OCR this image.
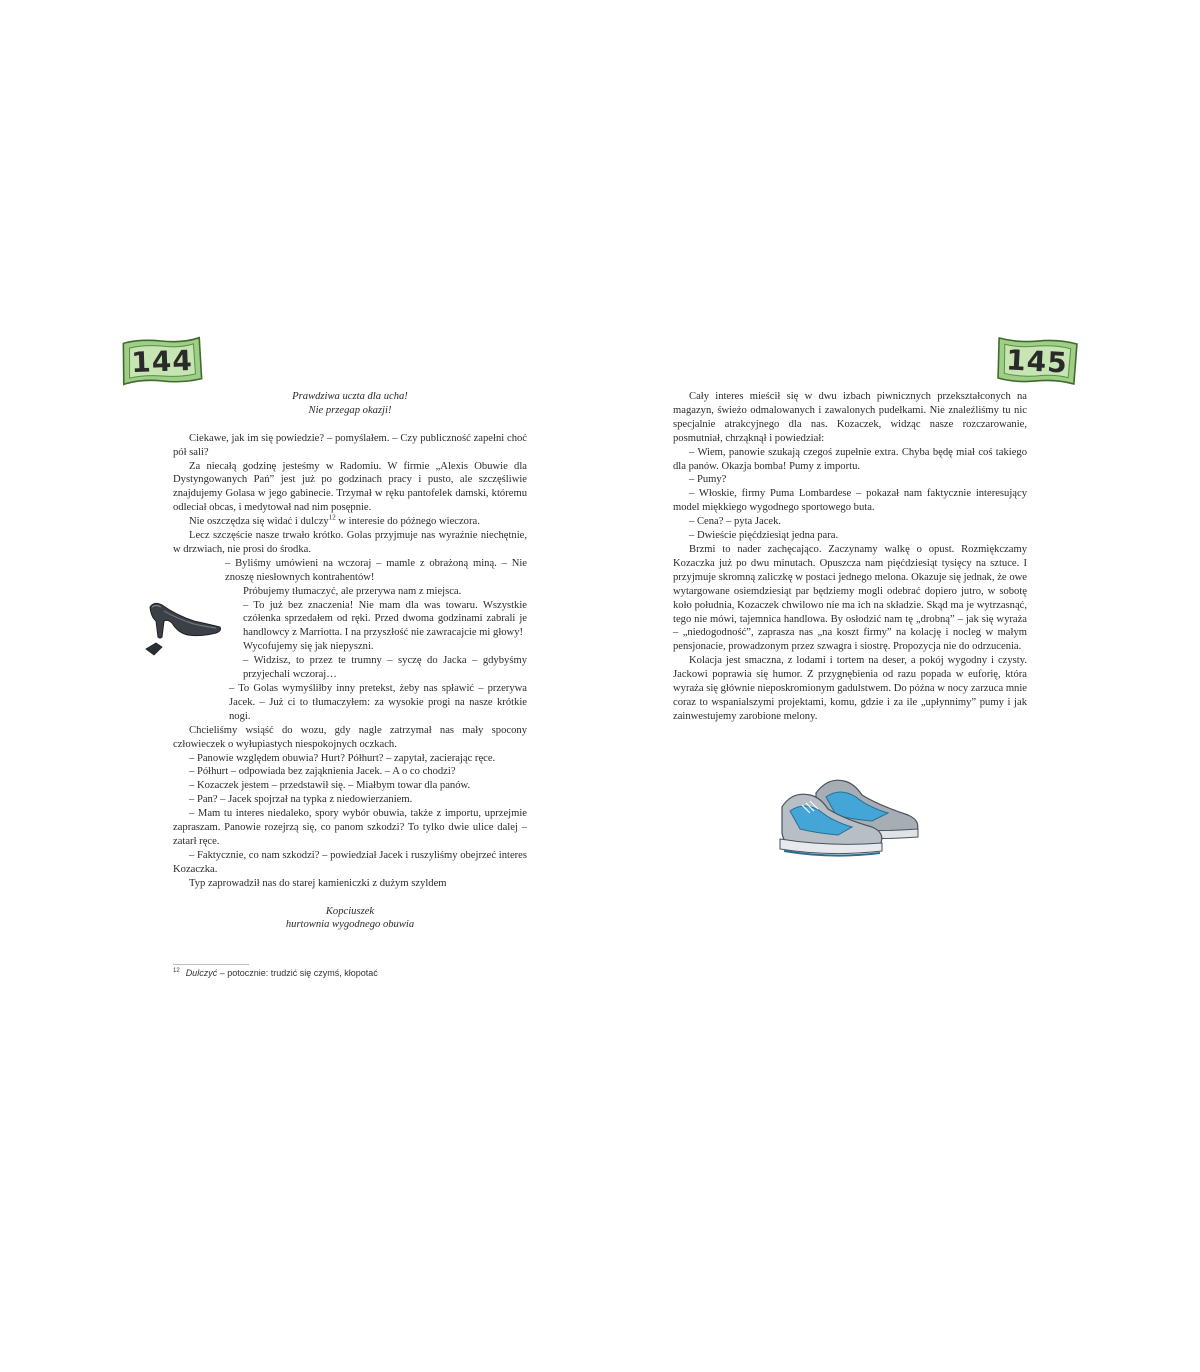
144

Prawdziwa uczta dla ucha!

Nie przegap okazji!

Ciekawe, jak im się powiedzie? – pomyślałem. – Czy publiczność zapełni choć pół sali?

Za niecałą godzinę jesteśmy w Radomiu. W firmie „Alexis Obuwie dla Dystyngowanych Pań” jest już po godzinach pracy i pusto, ale szczęśliwie znajdujemy Golasa w jego gabinecie. Trzymał w ręku pantofelek damski, któremu odleciał obcas, i medytował nad nim posępnie.

Nie oszczędza się widać i dulczy$^{12}$ w interesie do późnego wieczora.

Lecz szczęście nasze trwało krótko. Golas przyjmuje nas wyraźnie niechętnie, w drzwiach, nie prosi do środka.

– Byliśmy umówieni na wczoraj – mamle z obrażoną miną. – Nie znoszę niesłownych kontrahentów!

Próbujemy tłumaczyć, ale przerywa nam z miejsca.

– To już bez znaczenia! Nie mam dla was towaru. Wszystkie czółenka sprzedałem od ręki. Przed dwoma godzinami zabrali je handlowcy z Marriotta. I na przyszłość nie zawracajcie mi głowy!

Wycofujemy się jak niepyszni.

– Widzisz, to przez te trumny – syczę do Jacka – gdybyśmy przyjechali wczoraj…

– To Golas wymyśliłby inny pretekst, żeby nas spławić – przerywa Jacek. – Już ci to tłumaczyłem: za wysokie progi na nasze krótkie nogi.

Chcieliśmy wsiąść do wozu, gdy nagle zatrzymał nas mały spocony człowieczek o wyłupiastych niespokojnych oczkach.

– Panowie względem obuwia? Hurt? Półhurt? – zapytał, zacierając ręce.

– Półhurt – odpowiada bez zająknienia Jacek. – A o co chodzi?

– Kozaczek jestem – przedstawił się. – Miałbym towar dla panów.

– Pan? – Jacek spojrzał na typka z niedowierzaniem.

– Mam tu interes niedaleko, spory wybór obuwia, także z importu, uprzejmie zapraszam. Panowie rozejrzą się, co panom szkodzi? To tylko dwie ulice dalej – zatarł ręce.

– Faktycznie, co nam szkodzi? – powiedział Jacek i ruszyliśmy obejrzeć interes Kozaczka.

Typ zaprowadził nas do starej kamieniczki z dużym szyldem

Kopciuszek

hurtownia wygodnego obuwia

$^{12}$ Dulczyć – potocznie: trudzić się czymś, kłopotać
145

Cały interes mieścił się w dwu izbach piwnicznych przekształconych na magazyn, świeżo odmalowanych i zawalonych pudełkami. Nie znaleźliśmy tu nic specjalnie atrakcyjnego dla nas. Kozaczek, widząc nasze rozczarowanie, posmutniał, chrząknął i powiedział:

– Wiem, panowie szukają czegoś zupełnie extra. Chyba będę miał coś takiego dla panów. Okazja bomba! Pumy z importu.

– Pumy?

– Włoskie, firmy Puma Lombardese – pokazał nam faktycznie interesujący model miękkiego wygodnego sportowego buta.

– Cena? – pyta Jacek.

– Dwieście pięćdziesiąt jedna para.

Brzmi to nader zachęcająco. Zaczynamy walkę o opust. Rozmiękczamy Kozaczka już po dwu minutach. Opuszcza nam pięćdziesiąt tysięcy na sztuce. I przyjmuje skromną zaliczkę w postaci jednego melona. Okazuje się jednak, że owe wytargowane osiemdziesiąt par będziemy mogli odebrać dopiero jutro, w sobotę koło południa, Kozaczek chwilowo nie ma ich na składzie. Skąd ma je wytrzasnąć, tego nie mówi, tajemnica handlowa. By osłodzić nam tę „drobną” – jak się wyraża – „niedogodność”, zaprasza nas „na koszt firmy” na kolację i nocleg w małym pensjonacie, prowadzonym przez szwagra i siostrę. Propozycja nie do odrzucenia.

Kolacja jest smaczna, z lodami i tortem na deser, a pokój wygodny i czysty. Jackowi poprawia się humor. Z przygnębienia od razu popada w euforię, która wyraża się głównie nieposkromionym gadulstwem. Do późna w nocy zarzuca mnie coraz to wspanialszymi projektami, komu, gdzie i za ile „upłynnimy” pumy i jak zainwestujemy zarobione melony.
